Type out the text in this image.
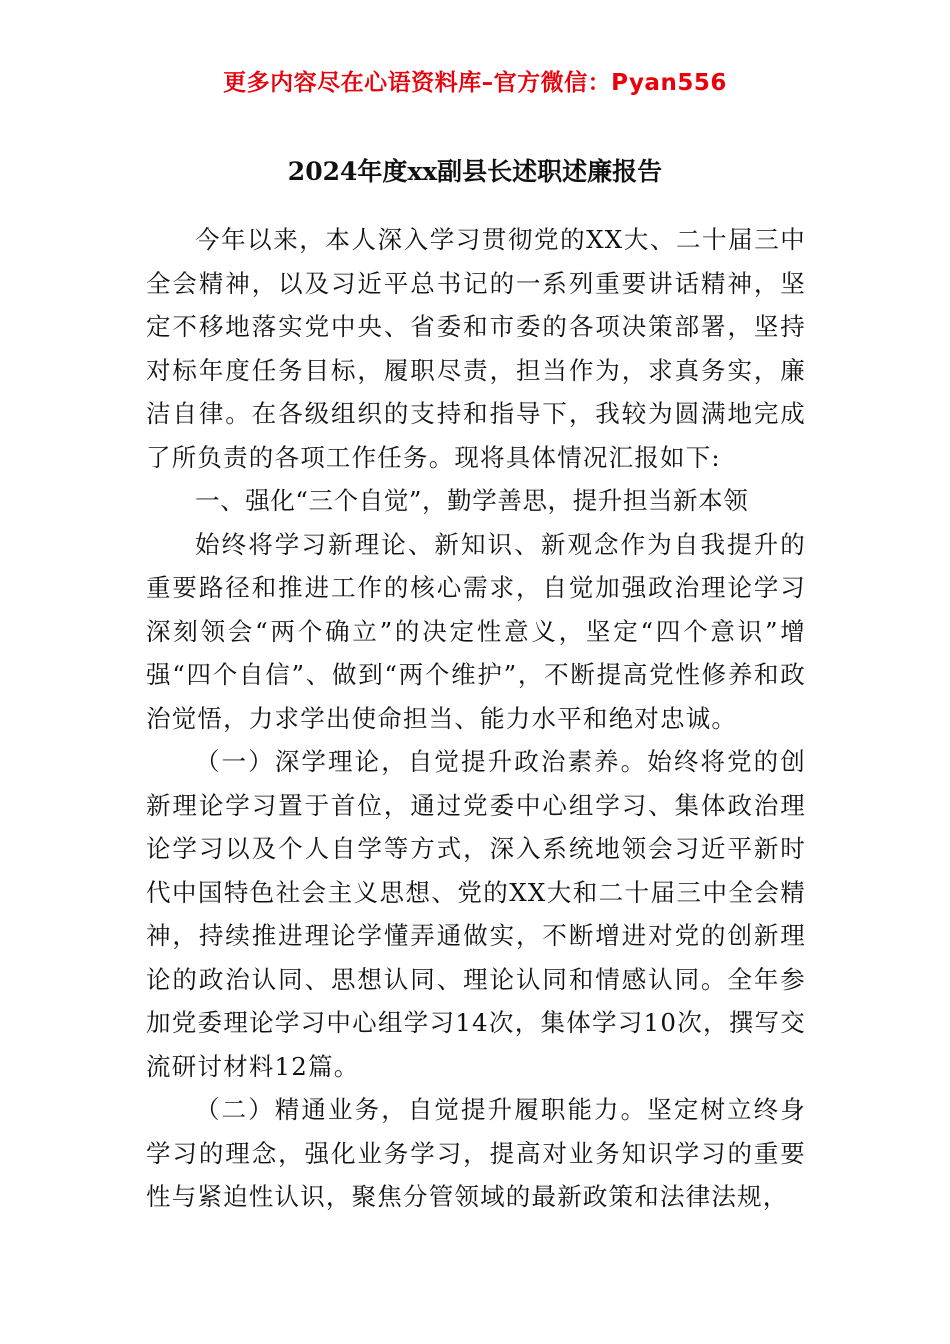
更多内容尽在心语资料库–官方微信：Pyan556
2024年度xx副县长述职述廉报告

今年以来，本人深入学习贯彻党的XX大、二十届三中全会精神，以及习近平总书记的一系列重要讲话精神，坚定不移地落实党中央、省委和市委的各项决策部署，坚持对标年度任务目标，履职尽责，担当作为，求真务实，廉洁自律。在各级组织的支持和指导下，我较为圆满地完成了所负责的各项工作任务。现将具体情况汇报如下:

一、强化“三个自觉”，勤学善思，提升担当新本领

始终将学习新理论、新知识、新观念作为自我提升的重要路径和推进工作的核心需求，自觉加强政治理论学习深刻领会“两个确立”的决定性意义，坚定“四个意识”增强“四个自信”、做到“两个维护”，不断提高党性修养和政治觉悟，力求学出使命担当、能力水平和绝对忠诚。

（一）深学理论，自觉提升政治素养。始终将党的创新理论学习置于首位，通过党委中心组学习、集体政治理论学习以及个人自学等方式，深入系统地领会习近平新时代中国特色社会主义思想、党的XX大和二十届三中全会精神，持续推进理论学懂弄通做实，不断增进对党的创新理论的政治认同、思想认同、理论认同和情感认同。全年参加党委理论学习中心组学习14次，集体学习10次，撰写交流研讨材料12篇。

（二）精通业务，自觉提升履职能力。坚定树立终身学习的理念，强化业务学习，提高对业务知识学习的重要性与紧迫性认识，聚焦分管领域的最新政策和法律法规，
